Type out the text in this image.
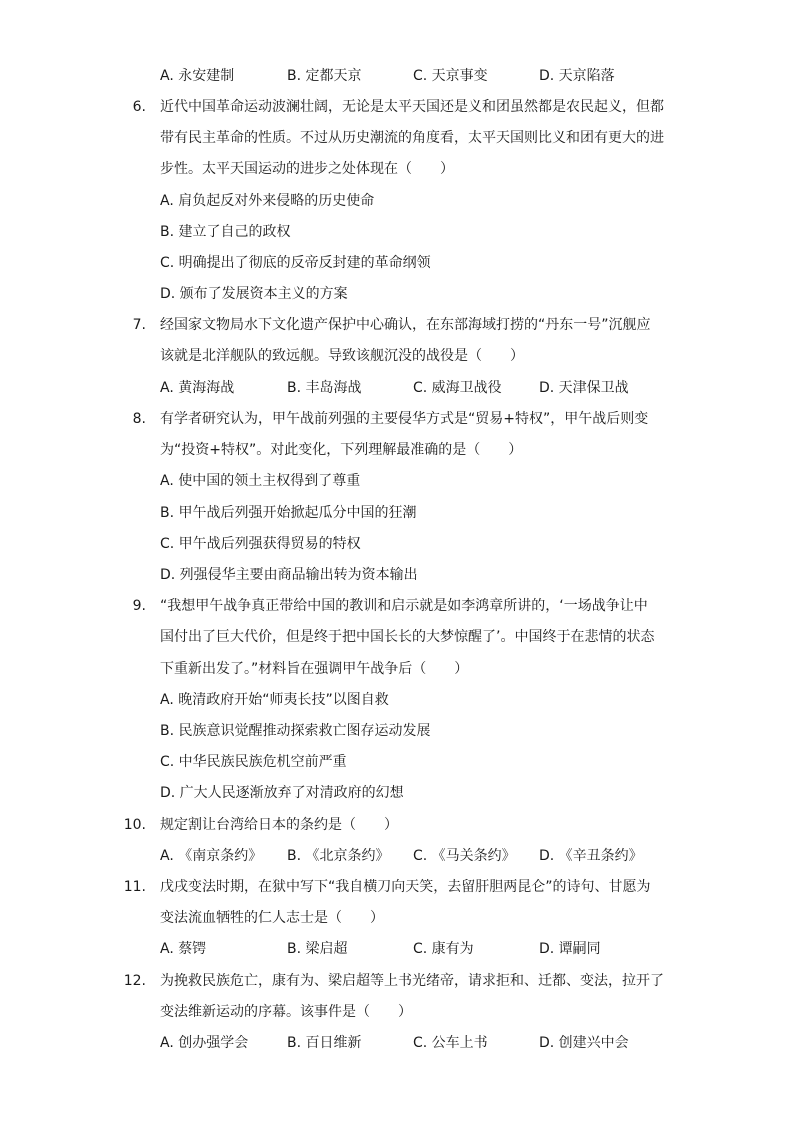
A. 永安建制	B. 定都天京	C. 天京事变	D. 天京陷落
6. 近代中国革命运动波澜壮阔，无论是太平天国还是义和团虽然都是农民起义，但都
带有民主革命的性质。不过从历史潮流的角度看，太平天国则比义和团有更大的进
步性。太平天国运动的进步之处体现在（　　）
A. 肩负起反对外来侵略的历史使命
B. 建立了自己的政权
C. 明确提出了彻底的反帝反封建的革命纲领
D. 颁布了发展资本主义的方案
7. 经国家文物局水下文化遗产保护中心确认，在东部海域打捞的“丹东一号”沉舰应
该就是北洋舰队的致远舰。导致该舰沉没的战役是（　　）
A. 黄海海战	B. 丰岛海战	C. 威海卫战役	D. 天津保卫战
8. 有学者研究认为，甲午战前列强的主要侵华方式是“贸易+特权”，甲午战后则变
为“投资+特权”。对此变化，下列理解最准确的是（　　）
A. 使中国的领土主权得到了尊重
B. 甲午战后列强开始掀起瓜分中国的狂潮
C. 甲午战后列强获得贸易的特权
D. 列强侵华主要由商品输出转为资本输出
9. “我想甲午战争真正带给中国的教训和启示就是如李鸿章所讲的，‘一场战争让中
国付出了巨大代价，但是终于把中国长长的大梦惊醒了’。中国终于在悲情的状态
下重新出发了。”材料旨在强调甲午战争后（　　）
A. 晚清政府开始“师夷长技”以图自救
B. 民族意识觉醒推动探索救亡图存运动发展
C. 中华民族民族危机空前严重
D. 广大人民逐渐放弃了对清政府的幻想
10. 规定割让台湾给日本的条约是（　　）
A. 《南京条约》 B. 《北京条约》 C. 《马关条约》 D. 《辛丑条约》
11. 戊戌变法时期，在狱中写下“我自横刀向天笑，去留肝胆两昆仑”的诗句、甘愿为
变法流血牺牲的仁人志士是（　　）
A. 蔡锷	B. 梁启超	C. 康有为	D. 谭嗣同
12. 为挽救民族危亡，康有为、梁启超等上书光绪帝，请求拒和、迁都、变法，拉开了
变法维新运动的序幕。该事件是（　　）
A. 创办强学会	B. 百日维新	C. 公车上书	D. 创建兴中会
